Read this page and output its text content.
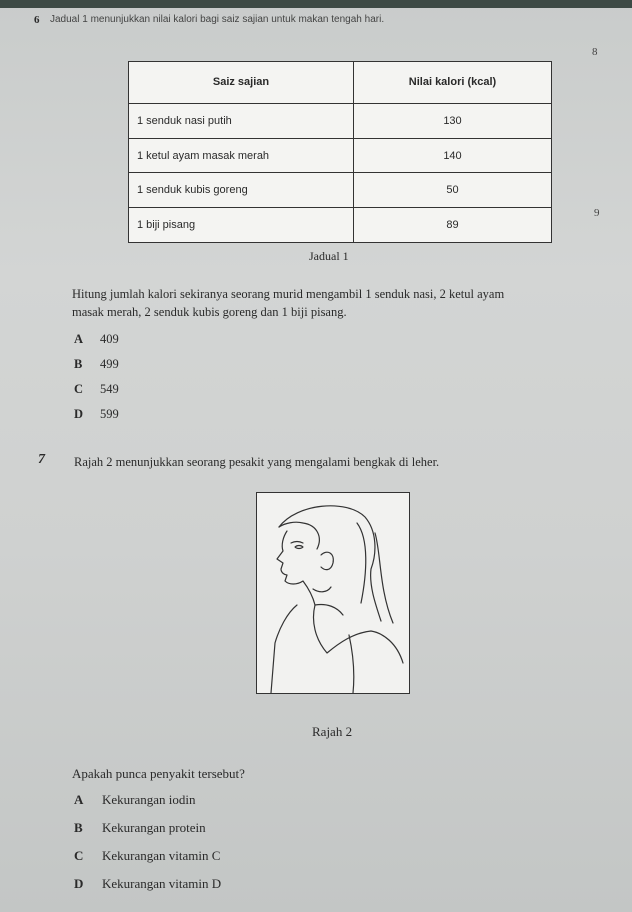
6 Jadual 1 menunjukkan nilai kalori bagi saiz sajian untuk makan tengah hari.
8
9
Saiz sajian	Nilai kalori (kcal)
1 senduk nasi putih	130
1 ketul ayam masak merah	140
1 senduk kubis goreng	50
1 biji pisang	89
Jadual 1
Hitung jumlah kalori sekiranya seorang murid mengambil 1 senduk nasi, 2 ketul ayam
masak merah, 2 senduk kubis goreng dan 1 biji pisang.
A 409
B 499
C 549
D 599
7 Rajah 2 menunjukkan seorang pesakit yang mengalami bengkak di leher.
Rajah 2
Apakah punca penyakit tersebut?
A Kekurangan iodin
B Kekurangan protein
C Kekurangan vitamin C
D Kekurangan vitamin D
